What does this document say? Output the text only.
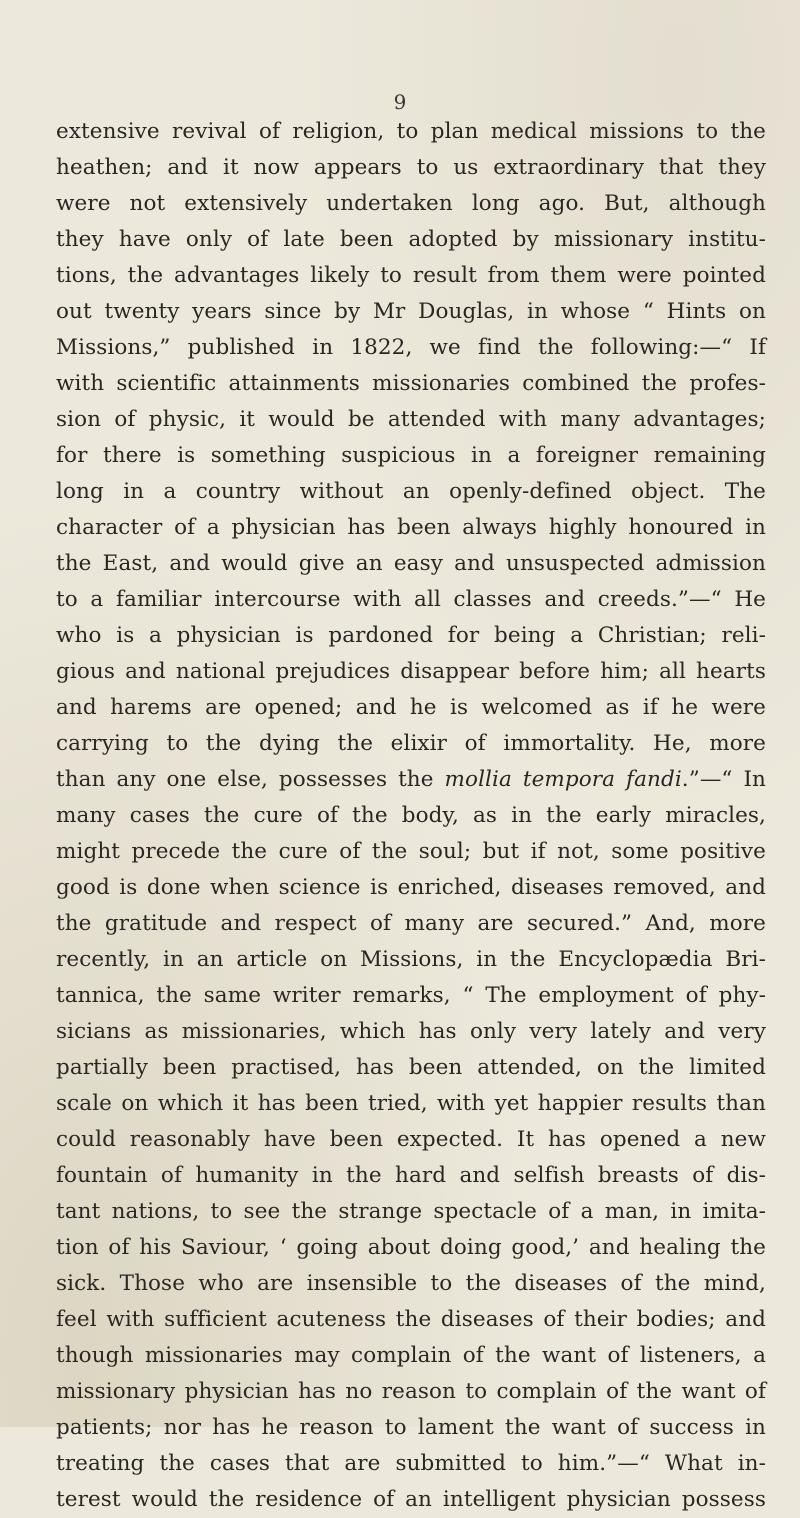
9
extensive revival of religion, to plan medical missions to the
heathen; and it now appears to us extraordinary that they
were not extensively undertaken long ago. But, although
they have only of late been adopted by missionary institu-
tions, the advantages likely to result from them were pointed
out twenty years since by Mr Douglas, in whose “ Hints on
Missions,” published in 1822, we find the following:—“ If
with scientific attainments missionaries combined the profes-
sion of physic, it would be attended with many advantages;
for there is something suspicious in a foreigner remaining
long in a country without an openly-defined object. The
character of a physician has been always highly honoured in
the East, and would give an easy and unsuspected admission
to a familiar intercourse with all classes and creeds.”—“ He
who is a physician is pardoned for being a Christian; reli-
gious and national prejudices disappear before him; all hearts
and harems are opened; and he is welcomed as if he were
carrying to the dying the elixir of immortality. He, more
than any one else, possesses the mollia tempora fandi.”—“ In
many cases the cure of the body, as in the early miracles,
might precede the cure of the soul; but if not, some positive
good is done when science is enriched, diseases removed, and
the gratitude and respect of many are secured.” And, more
recently, in an article on Missions, in the Encyclopædia Bri-
tannica, the same writer remarks, “ The employment of phy-
sicians as missionaries, which has only very lately and very
partially been practised, has been attended, on the limited
scale on which it has been tried, with yet happier results than
could reasonably have been expected. It has opened a new
fountain of humanity in the hard and selfish breasts of dis-
tant nations, to see the strange spectacle of a man, in imita-
tion of his Saviour, ‘ going about doing good,’ and healing the
sick. Those who are insensible to the diseases of the mind,
feel with sufficient acuteness the diseases of their bodies; and
though missionaries may complain of the want of listeners, a
missionary physician has no reason to complain of the want of
patients; nor has he reason to lament the want of success in
treating the cases that are submitted to him.”—“ What in-
terest would the residence of an intelligent physician possess
